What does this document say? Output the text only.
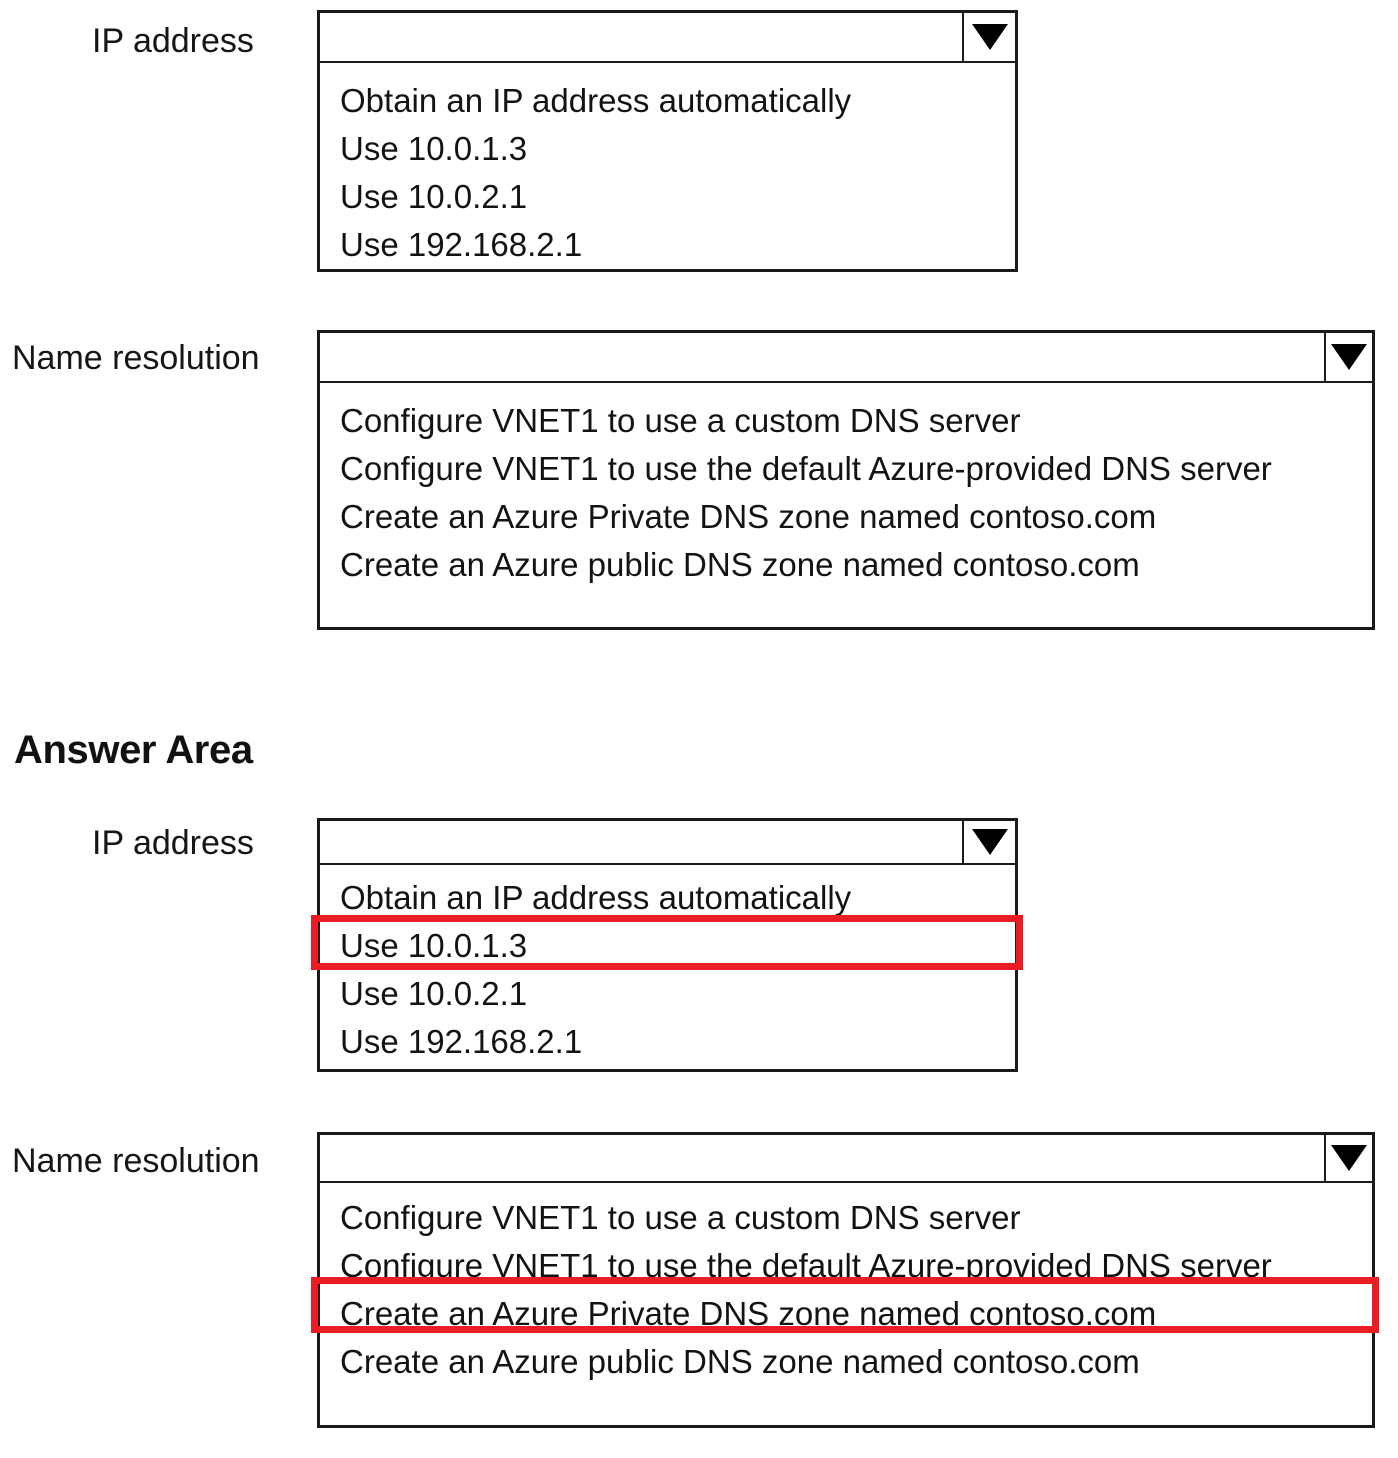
IP address
Obtain an IP address automatically
Use 10.0.1.3
Use 10.0.2.1
Use 192.168.2.1
Name resolution
Configure VNET1 to use a custom DNS server
Configure VNET1 to use the default Azure-provided DNS server
Create an Azure Private DNS zone named contoso.com
Create an Azure public DNS zone named contoso.com
Answer Area
IP address
Obtain an IP address automatically
Use 10.0.1.3
Use 10.0.2.1
Use 192.168.2.1
Name resolution
Configure VNET1 to use a custom DNS server
Configure VNET1 to use the default Azure-provided DNS server
Create an Azure Private DNS zone named contoso.com
Create an Azure public DNS zone named contoso.com
